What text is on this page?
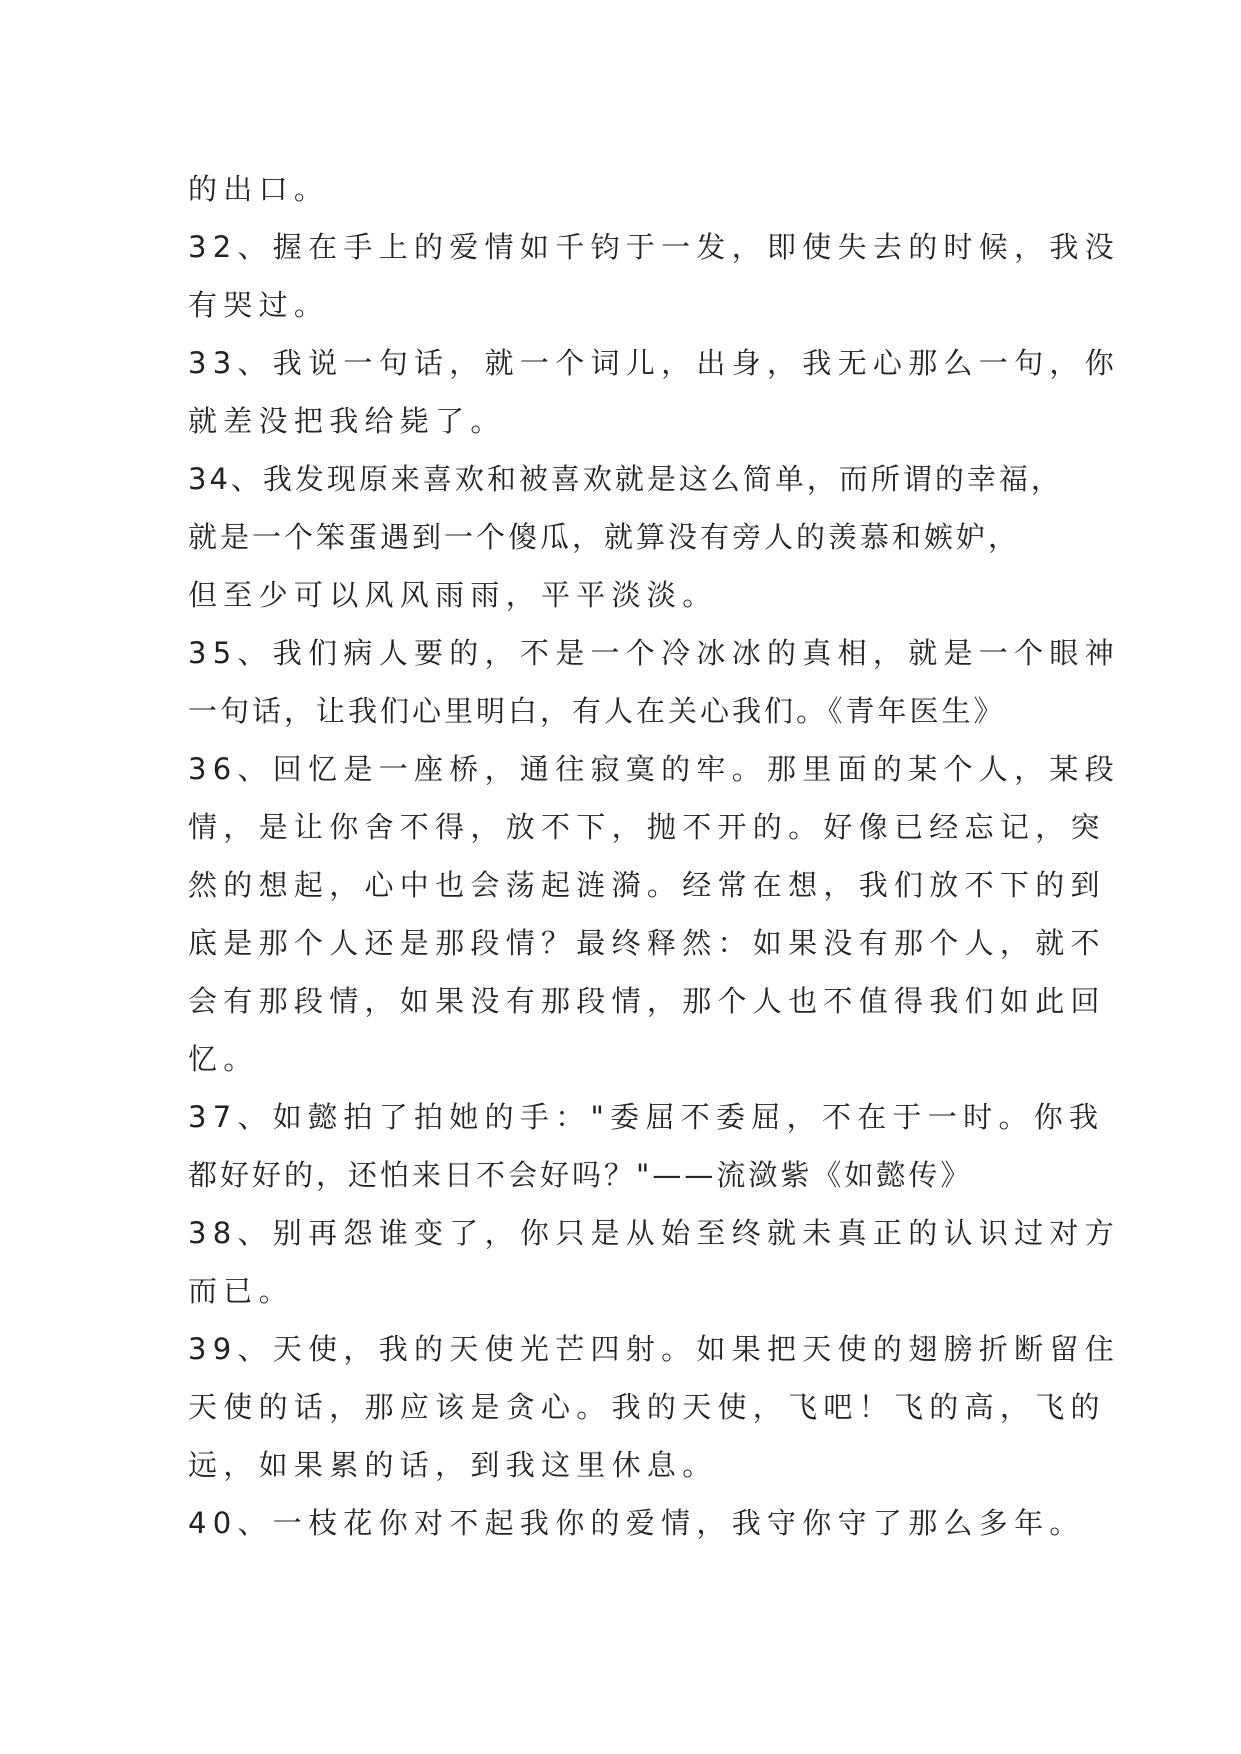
的出口。
32、握在手上的爱情如千钧于一发，即使失去的时候，我没
有哭过。
33、我说一句话，就一个词儿，出身，我无心那么一句，你
就差没把我给毙了。
34、我发现原来喜欢和被喜欢就是这么简单，而所谓的幸福，
就是一个笨蛋遇到一个傻瓜，就算没有旁人的羡慕和嫉妒，
但至少可以风风雨雨，平平淡淡。
35、我们病人要的，不是一个冷冰冰的真相，就是一个眼神
一句话，让我们心里明白，有人在关心我们。《青年医生》
36、回忆是一座桥，通往寂寞的牢。那里面的某个人，某段
情，是让你舍不得，放不下，抛不开的。好像已经忘记，突
然的想起，心中也会荡起涟漪。经常在想，我们放不下的到
底是那个人还是那段情？最终释然：如果没有那个人，就不
会有那段情，如果没有那段情，那个人也不值得我们如此回
忆。
37、如懿拍了拍她的手："委屈不委屈，不在于一时。你我
都好好的，还怕来日不会好吗？"——流潋紫《如懿传》
38、别再怨谁变了，你只是从始至终就未真正的认识过对方
而已。
39、天使，我的天使光芒四射。如果把天使的翅膀折断留住
天使的话，那应该是贪心。我的天使，飞吧！飞的高，飞的
远，如果累的话，到我这里休息。
40、一枝花你对不起我你的爱情，我守你守了那么多年。
